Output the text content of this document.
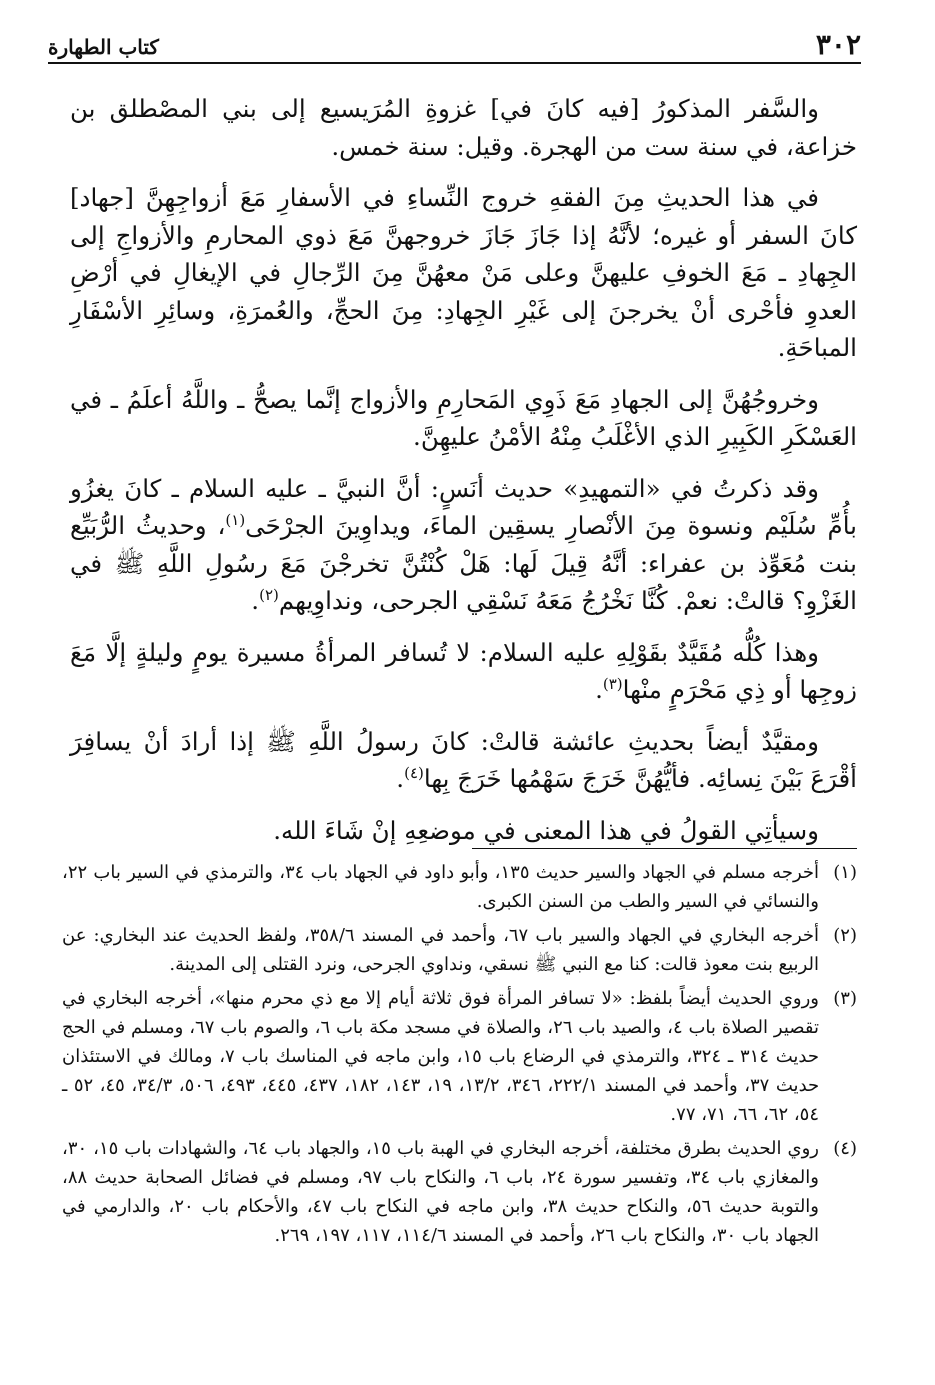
٣٠٢
كتاب الطهارة

والسَّفر المذكورُ [فيه كانَ في] غزوةِ المُرَيسيع إلى بني المصْطلق بن خزاعة، في سنة ست من الهجرة. وقيل: سنة خمس.

في هذا الحديثِ مِنَ الفقهِ خروج النِّساءِ في الأسفارِ مَعَ أزواجِهِنَّ [جهاد] كانَ السفر أو غيره؛ لأنَّهُ إذا جَازَ جَازَ خروجهنَّ مَعَ ذوي المحارمِ والأزواجِ إلى الجِهادِ ـ مَعَ الخوفِ عليهنَّ وعلى مَنْ معهُنَّ مِنَ الرِّجالِ في الإيغالِ في أرْضِ العدوِ فأحْرى أنْ يخرجنَ إلى غَيْرِ الجِهادِ: مِنَ الحجِّ، والعُمرَةِ، وسائِرِ الأسْفَارِ المباحَةِ.

وخروجُهُنَّ إلى الجهادِ مَعَ ذَوِي المَحارِمِ والأزواج إنَّما يصحُّ ـ واللَّهُ أعلَمُ ـ في العَسْكَرِ الكَبِيرِ الذي الأغْلَبُ مِنْهُ الأمْنُ عليهِنَّ.

وقد ذكرتُ في «التمهيدِ» حديث أنَسٍ: أنَّ النبيَّ ـ عليه السلام ـ كانَ يغزُو بأُمِّ سُلَيْم ونسوة مِنَ الأنْصارِ يسقِين الماءَ، ويداوِينَ الجرْحَى$^{(١)}$، وحديثُ الرُّبَيِّع بنت مُعَوِّذ بن عفراء: أنَّهُ قِيلَ لَها: هَلْ كُنْتُنَّ تخرجْنَ مَعَ رسُولِ اللَّهِ ﷺ في الغَزْوِ؟ قالتْ: نعمْ. كُنَّا نَخْرُجُ مَعَهُ نَسْقِي الجرحى، ونداوِيهم$^{(٢)}$.

وهذا كُلُّه مُقَيَّدٌ بقَوْلِهِ عليه السلام: لا تُسافر المرأةُ مسيرة يومٍ وليلةٍ إلَّا مَعَ زوجِها أو ذِي مَحْرَمٍ منْها$^{(٣)}$.

ومقيَّدٌ أيضاً بحديثِ عائشة قالتْ: كانَ رسولُ اللَّهِ ﷺ إذا أرادَ أنْ يسافِرَ أقْرَعَ بَيْنَ نِسائِه. فأيُّهُنَّ خَرَجَ سَهْمُها خَرَجَ بِها$^{(٤)}$.

وسيأتِي القولُ في هذا المعنى في موضعِهِ إنْ شَاءَ الله.

(١)
أخرجه مسلم في الجهاد والسير حديث ١٣٥، وأبو داود في الجهاد باب ٣٤، والترمذي في السير باب ٢٢، والنسائي في السير والطب من السنن الكبرى.
(٢)
أخرجه البخاري في الجهاد والسير باب ٦٧، وأحمد في المسند ٣٥٨/٦، ولفظ الحديث عند البخاري: عن الربيع بنت معوذ قالت: كنا مع النبي ﷺ نسقي، ونداوي الجرحى، ونرد القتلى إلى المدينة.
(٣)
وروي الحديث أيضاً بلفظ: «لا تسافر المرأة فوق ثلاثة أيام إلا مع ذي محرم منها»، أخرجه البخاري في تقصير الصلاة باب ٤، والصيد باب ٢٦، والصلاة في مسجد مكة باب ٦، والصوم باب ٦٧، ومسلم في الحج حديث ٣١٤ ـ ٣٢٤، والترمذي في الرضاع باب ١٥، وابن ماجه في المناسك باب ٧، ومالك في الاستئذان حديث ٣٧، وأحمد في المسند ٢٢٢/١، ٣٤٦، ١٣/٢، ١٩، ١٤٣، ١٨٢، ٤٣٧، ٤٤٥، ٤٩٣، ٥٠٦، ٣٤/٣، ٤٥، ٥٢ ـ ٥٤، ٦٢، ٦٦، ٧١، ٧٧.
(٤)
روي الحديث بطرق مختلفة، أخرجه البخاري في الهبة باب ١٥، والجهاد باب ٦٤، والشهادات باب ١٥، ٣٠، والمغازي باب ٣٤، وتفسير سورة ٢٤، باب ٦، والنكاح باب ٩٧، ومسلم في فضائل الصحابة حديث ٨٨، والتوبة حديث ٥٦، والنكاح حديث ٣٨، وابن ماجه في النكاح باب ٤٧، والأحكام باب ٢٠، والدارمي في الجهاد باب ٣٠، والنكاح باب ٢٦، وأحمد في المسند ١١٤/٦، ١١٧، ١٩٧، ٢٦٩.
